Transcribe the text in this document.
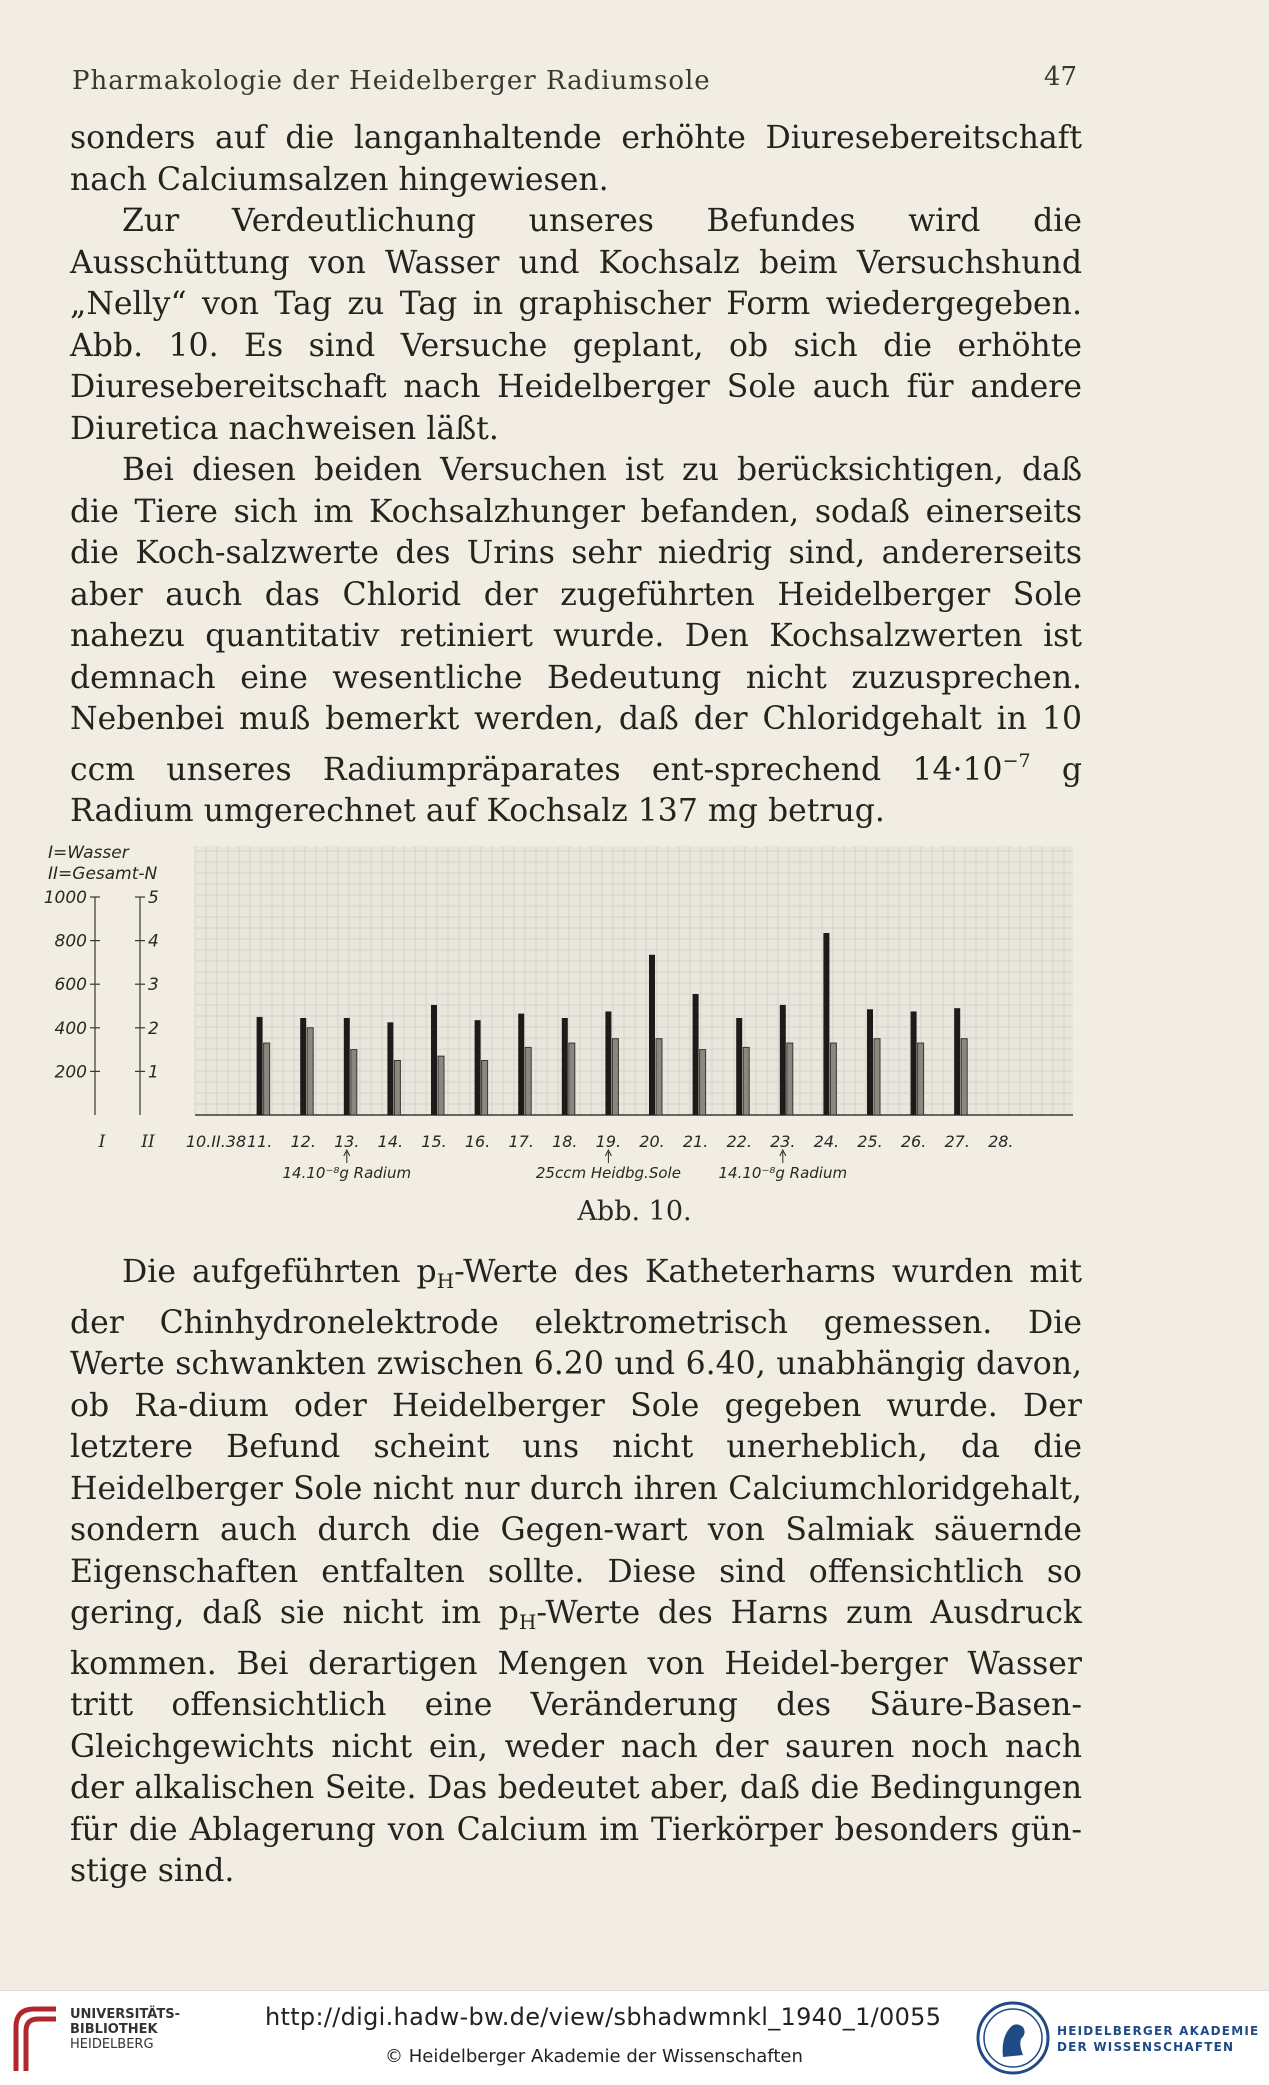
Pharmakologie der Heidelberger Radiumsole	47

sonders auf die langanhaltende erhöhte Diuresebereitschaft nach Calciumsalzen hingewiesen.

Zur Verdeutlichung unseres Befundes wird die Ausschüttung von Wasser und Kochsalz beim Versuchshund „Nelly“ von Tag zu Tag in graphischer Form wiedergegeben. Abb. 10. Es sind Versuche geplant, ob sich die erhöhte Diuresebereitschaft nach Heidelberger Sole auch für andere Diuretica nachweisen läßt.

Bei diesen beiden Versuchen ist zu berücksichtigen, daß die Tiere sich im Kochsalzhunger befanden, sodaß einerseits die Koch-salzwerte des Urins sehr niedrig sind, andererseits aber auch das Chlorid der zugeführten Heidelberger Sole nahezu quantitativ retiniert wurde. Den Kochsalzwerten ist demnach eine wesentliche Bedeutung nicht zuzusprechen. Nebenbei muß bemerkt werden, daß der Chloridgehalt in 10 ccm unseres Radiumpräparates ent-sprechend $14\cdot 10^{-7}$ g Radium umgerechnet auf Kochsalz 137 mg betrug.

I=Wasser
II=Gesamt-N
1000
800
600
400
200
5
4
3
2
1
I II 10.II.38 11. 12. 13. 14. 15. 16. 17. 18. 19. 20. 21. 22. 23. 24. 25. 26. 27. 28.
14.10⁻⁸g Radium	25ccm Heidbg.Sole	14.10⁻⁸g Radium
Abb. 10.

Die aufgeführten $p_H$-Werte des Katheterharns wurden mit der Chinhydronelektrode elektrometrisch gemessen. Die Werte schwankten zwischen 6.20 und 6.40, unabhängig davon, ob Ra-dium oder Heidelberger Sole gegeben wurde. Der letztere Befund scheint uns nicht unerheblich, da die Heidelberger Sole nicht nur durch ihren Calciumchloridgehalt, sondern auch durch die Gegen-wart von Salmiak säuernde Eigenschaften entfalten sollte. Diese sind offensichtlich so gering, daß sie nicht im $p_H$-Werte des Harns zum Ausdruck kommen. Bei derartigen Mengen von Heidel-berger Wasser tritt offensichtlich eine Veränderung des Säure-Basen-Gleichgewichts nicht ein, weder nach der sauren noch nach der alkalischen Seite. Das bedeutet aber, daß die Bedingungen für die Ablagerung von Calcium im Tierkörper besonders gün-stige sind.

UNIVERSITÄTS-
BIBLIOTHEK
HEIDELBERG
http://digi.hadw-bw.de/view/sbhadwmnkl_1940_1/0055
© Heidelberger Akademie der Wissenschaften
HEIDELBERGER AKADEMIE
DER WISSENSCHAFTEN
